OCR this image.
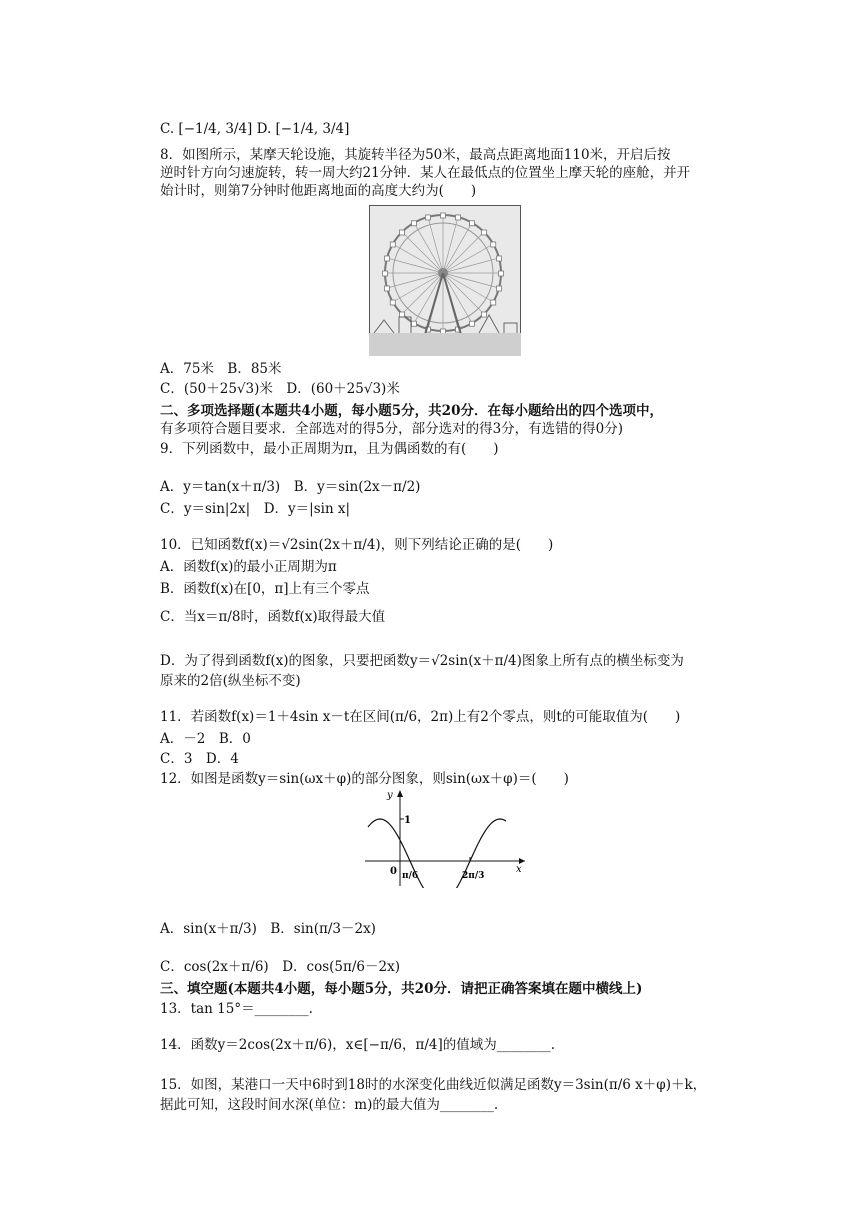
C. [−1/4, 3/4] D. [−1/4, 3/4]
8．如图所示，某摩天轮设施，其旋转半径为50米，最高点距离地面110米，开启后按
逆时针方向匀速旋转，转一周大约21分钟．某人在最低点的位置坐上摩天轮的座舱，并开
始计时，则第7分钟时他距离地面的高度大约为(　　)
A．75米　B．85米
C．(50＋25√3)米　D．(60＋25√3)米
二、多项选择题(本题共4小题，每小题5分，共20分．在每小题给出的四个选项中，
有多项符合题目要求．全部选对的得5分，部分选对的得3分，有选错的得0分)
9．下列函数中，最小正周期为π，且为偶函数的有(　　)
A．y＝tan(x＋π/3)　B．y＝sin(2x－π/2)
C．y＝sin|2x|　D．y＝|sin x|
10．已知函数f(x)＝√2sin(2x＋π/4)，则下列结论正确的是(　　)
A．函数f(x)的最小正周期为π
B．函数f(x)在[0，π]上有三个零点
C．当x＝π/8时，函数f(x)取得最大值
D．为了得到函数f(x)的图象，只要把函数y＝√2sin(x＋π/4)图象上所有点的横坐标变为
原来的2倍(纵坐标不变)
11．若函数f(x)＝1＋4sin x－t在区间(π/6，2π)上有2个零点，则t的可能取值为(　　)
A．－2　B．0
C．3　D．4
12．如图是函数y＝sin(ωx＋φ)的部分图象，则sin(ωx＋φ)＝(　　)
y
x
1
0 π/6	2π/3
A．sin(x＋π/3)　B．sin(π/3－2x)
C．cos(2x＋π/6)　D．cos(5π/6－2x)
三、填空题(本题共4小题，每小题5分，共20分．请把正确答案填在题中横线上)
13．tan 15°＝________.
14．函数y＝2cos(2x＋π/6)，x∈[−π/6，π/4]的值域为________.
15．如图，某港口一天中6时到18时的水深变化曲线近似满足函数y＝3sin(π/6 x＋φ)＋k，
据此可知，这段时间水深(单位：m)的最大值为________.
